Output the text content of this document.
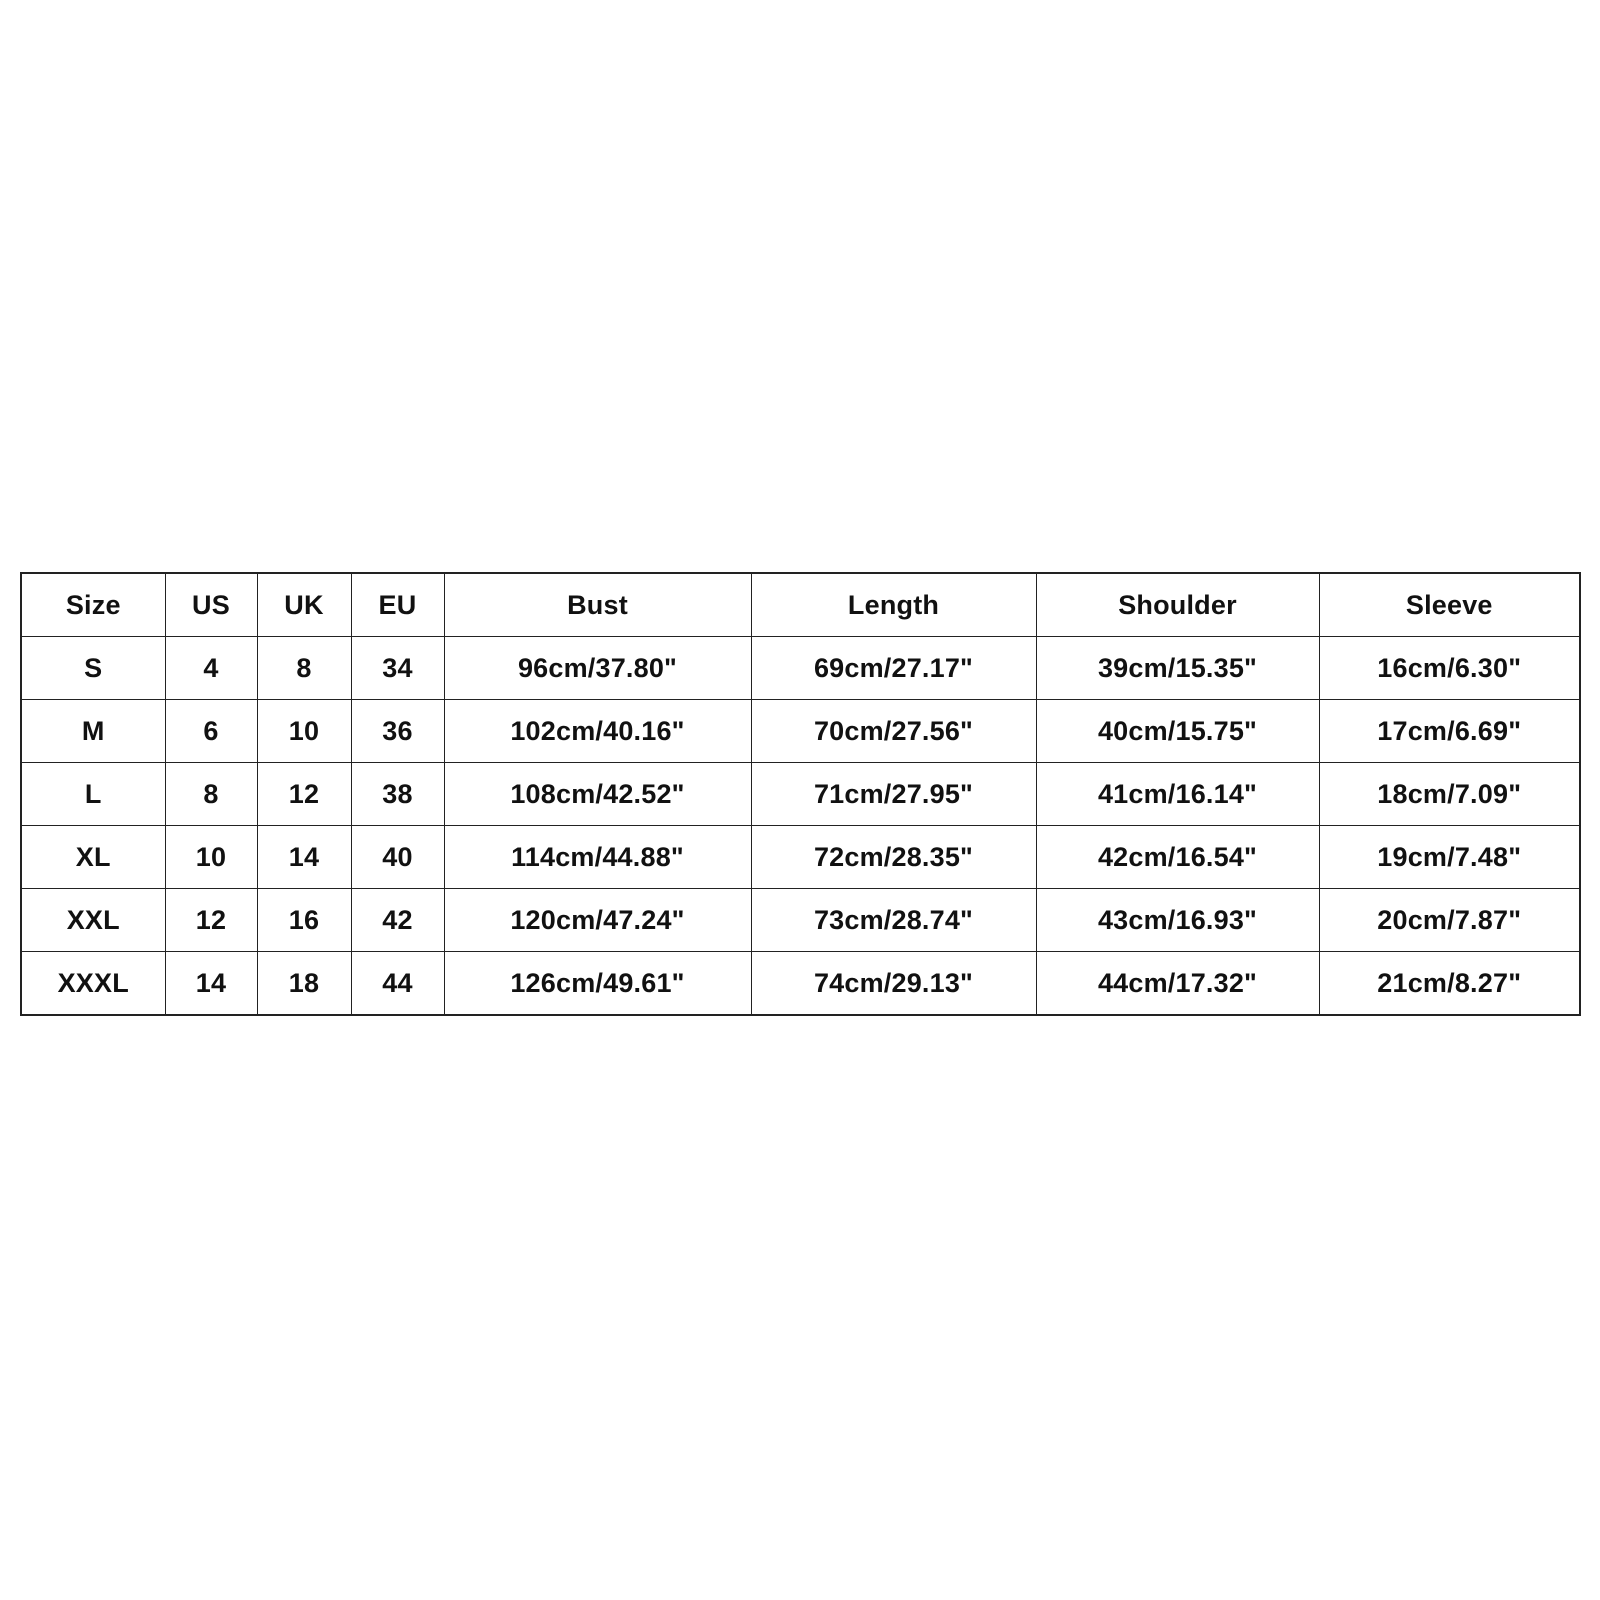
Size	US	UK	EU	Bust	Length	Shoulder	Sleeve
S	4	8	34	96cm/37.80"	69cm/27.17"	39cm/15.35"	16cm/6.30"
M	6	10	36	102cm/40.16"	70cm/27.56"	40cm/15.75"	17cm/6.69"
L	8	12	38	108cm/42.52"	71cm/27.95"	41cm/16.14"	18cm/7.09"
XL	10	14	40	114cm/44.88"	72cm/28.35"	42cm/16.54"	19cm/7.48"
XXL	12	16	42	120cm/47.24"	73cm/28.74"	43cm/16.93"	20cm/7.87"
XXXL	14	18	44	126cm/49.61"	74cm/29.13"	44cm/17.32"	21cm/8.27"
